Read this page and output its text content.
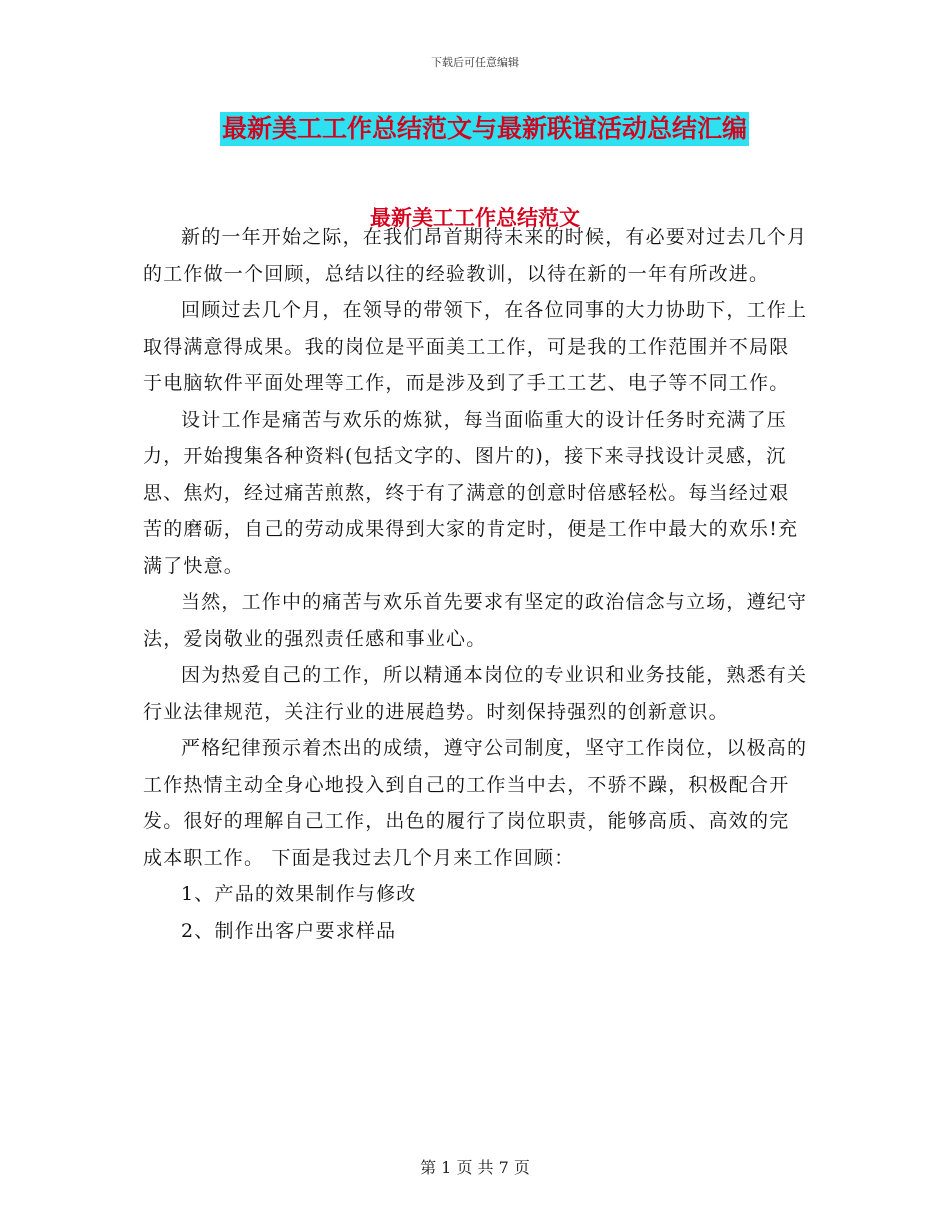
下载后可任意编辑
最新美工工作总结范文与最新联谊活动总结汇编
最新美工工作总结范文

新的一年开始之际，在我们昂首期待未来的时候，有必要对过去几个月的工作做一个回顾，总结以往的经验教训，以待在新的一年有所改进。

回顾过去几个月，在领导的带领下，在各位同事的大力协助下，工作上取得满意得成果。我的岗位是平面美工工作，可是我的工作范围并不局限于电脑软件平面处理等工作，而是涉及到了手工工艺、电子等不同工作。

设计工作是痛苦与欢乐的炼狱，每当面临重大的设计任务时充满了压力，开始搜集各种资料(包括文字的、图片的)，接下来寻找设计灵感，沉思、焦灼，经过痛苦煎熬，终于有了满意的创意时倍感轻松。每当经过艰苦的磨砺，自己的劳动成果得到大家的肯定时，便是工作中最大的欢乐!充满了快意。

当然，工作中的痛苦与欢乐首先要求有坚定的政治信念与立场，遵纪守法，爱岗敬业的强烈责任感和事业心。

因为热爱自己的工作，所以精通本岗位的专业识和业务技能，熟悉有关行业法律规范，关注行业的进展趋势。时刻保持强烈的创新意识。

严格纪律预示着杰出的成绩，遵守公司制度，坚守工作岗位，以极高的工作热情主动全身心地投入到自己的工作当中去，不骄不躁，积极配合开发。很好的理解自己工作，出色的履行了岗位职责，能够高质、高效的完成本职工作。 下面是我过去几个月来工作回顾：

1、产品的效果制作与修改

2、制作出客户要求样品

第 1 页 共 7 页
